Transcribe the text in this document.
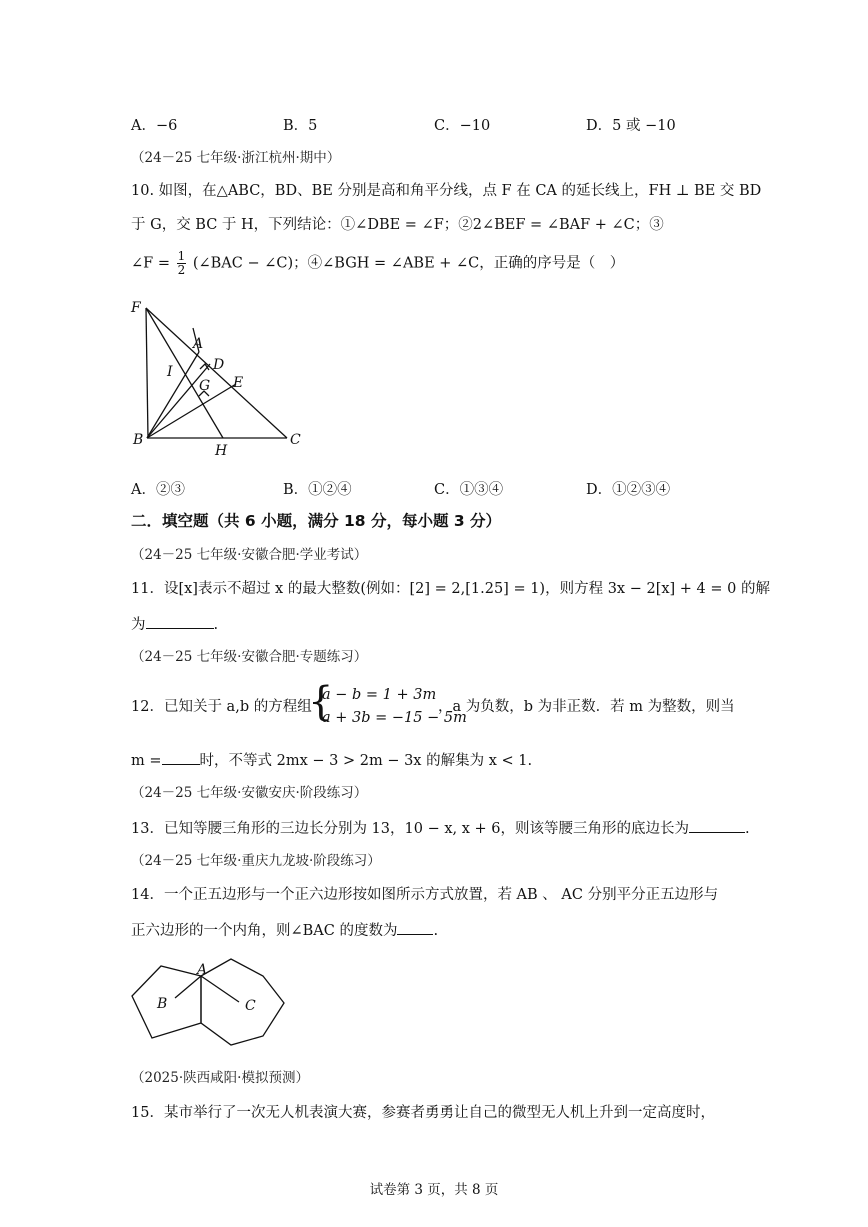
A．−6	B．5	C．−10	D．5 或 −10
（24－25 七年级·浙江杭州·期中）
10. 如图，在△ABC，BD、BE 分别是高和角平分线，点 F 在 CA 的延长线上，FH ⊥ BE 交 BD
于 G，交 BC 于 H，下列结论：①∠DBE = ∠F；②2∠BEF = ∠BAF + ∠C；③
∠F = $\frac{1}{2}$ (∠BAC − ∠C)；④∠BGH = ∠ABE + ∠C，正确的序号是（　）
F
A
D
I
G E
B
H
C
A．②③	B．①②④	C．①③④	D．①②③④
二．填空题（共 6 小题，满分 18 分，每小题 3 分）
（24－25 七年级·安徽合肥·学业考试）
11．设[x]表示不超过 x 的最大整数(例如：[2] = 2,[1.25] = 1)，则方程 3x − 2[x] + 4 = 0 的解
为	.
（24－25 七年级·安徽合肥·专题练习）
12．已知关于 a,b 的方程组
{
a − b = 1 + 3m
a + 3b = −15 − 5m
，a 为负数，b 为非正数．若 m 为整数，则当
m =	时，不等式 2mx − 3 > 2m − 3x 的解集为 x < 1.
（24－25 七年级·安徽安庆·阶段练习）
13．已知等腰三角形的三边长分别为 13，10 − x, x + 6，则该等腰三角形的底边长为	.
（24－25 七年级·重庆九龙坡·阶段练习）
14．一个正五边形与一个正六边形按如图所示方式放置，若 AB 、 AC 分别平分正五边形与
正六边形的一个内角，则∠BAC 的度数为 .
A
B	C
（2025·陕西咸阳·模拟预测）
15．某市举行了一次无人机表演大赛，参赛者勇勇让自己的微型无人机上升到一定高度时，
试卷第 3 页，共 8 页
